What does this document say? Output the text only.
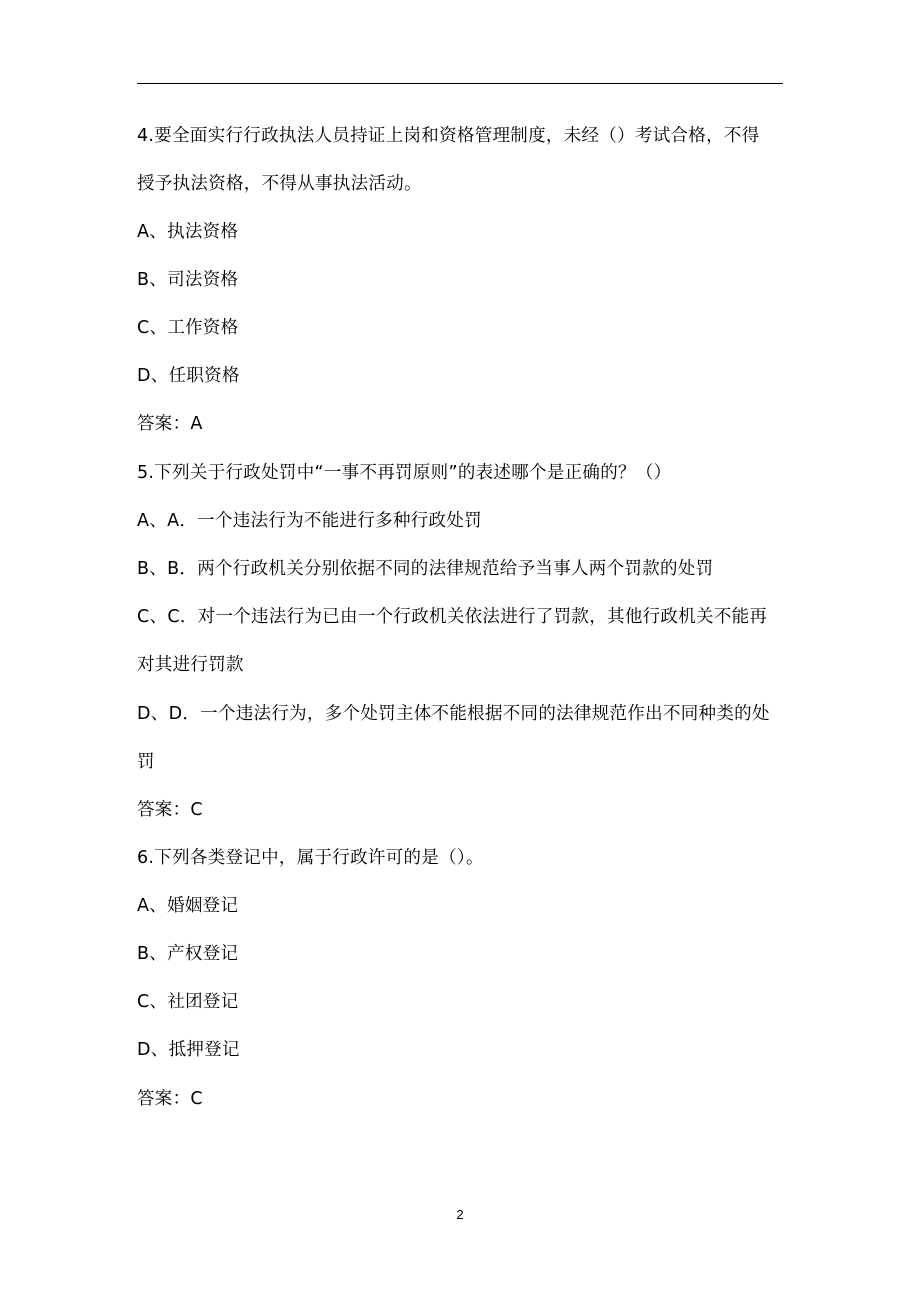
4.要全面实行行政执法人员持证上岗和资格管理制度，未经（）考试合格，不得
授予执法资格，不得从事执法活动。
A、执法资格
B、司法资格
C、工作资格
D、任职资格
答案：A
5.下列关于行政处罚中“一事不再罚原则”的表述哪个是正确的？（）
A、A．一个违法行为不能进行多种行政处罚
B、B．两个行政机关分别依据不同的法律规范给予当事人两个罚款的处罚
C、C．对一个违法行为已由一个行政机关依法进行了罚款，其他行政机关不能再
对其进行罚款
D、D．一个违法行为，多个处罚主体不能根据不同的法律规范作出不同种类的处
罚
答案：C
6.下列各类登记中，属于行政许可的是（）。
A、婚姻登记
B、产权登记
C、社团登记
D、抵押登记
答案：C
2
